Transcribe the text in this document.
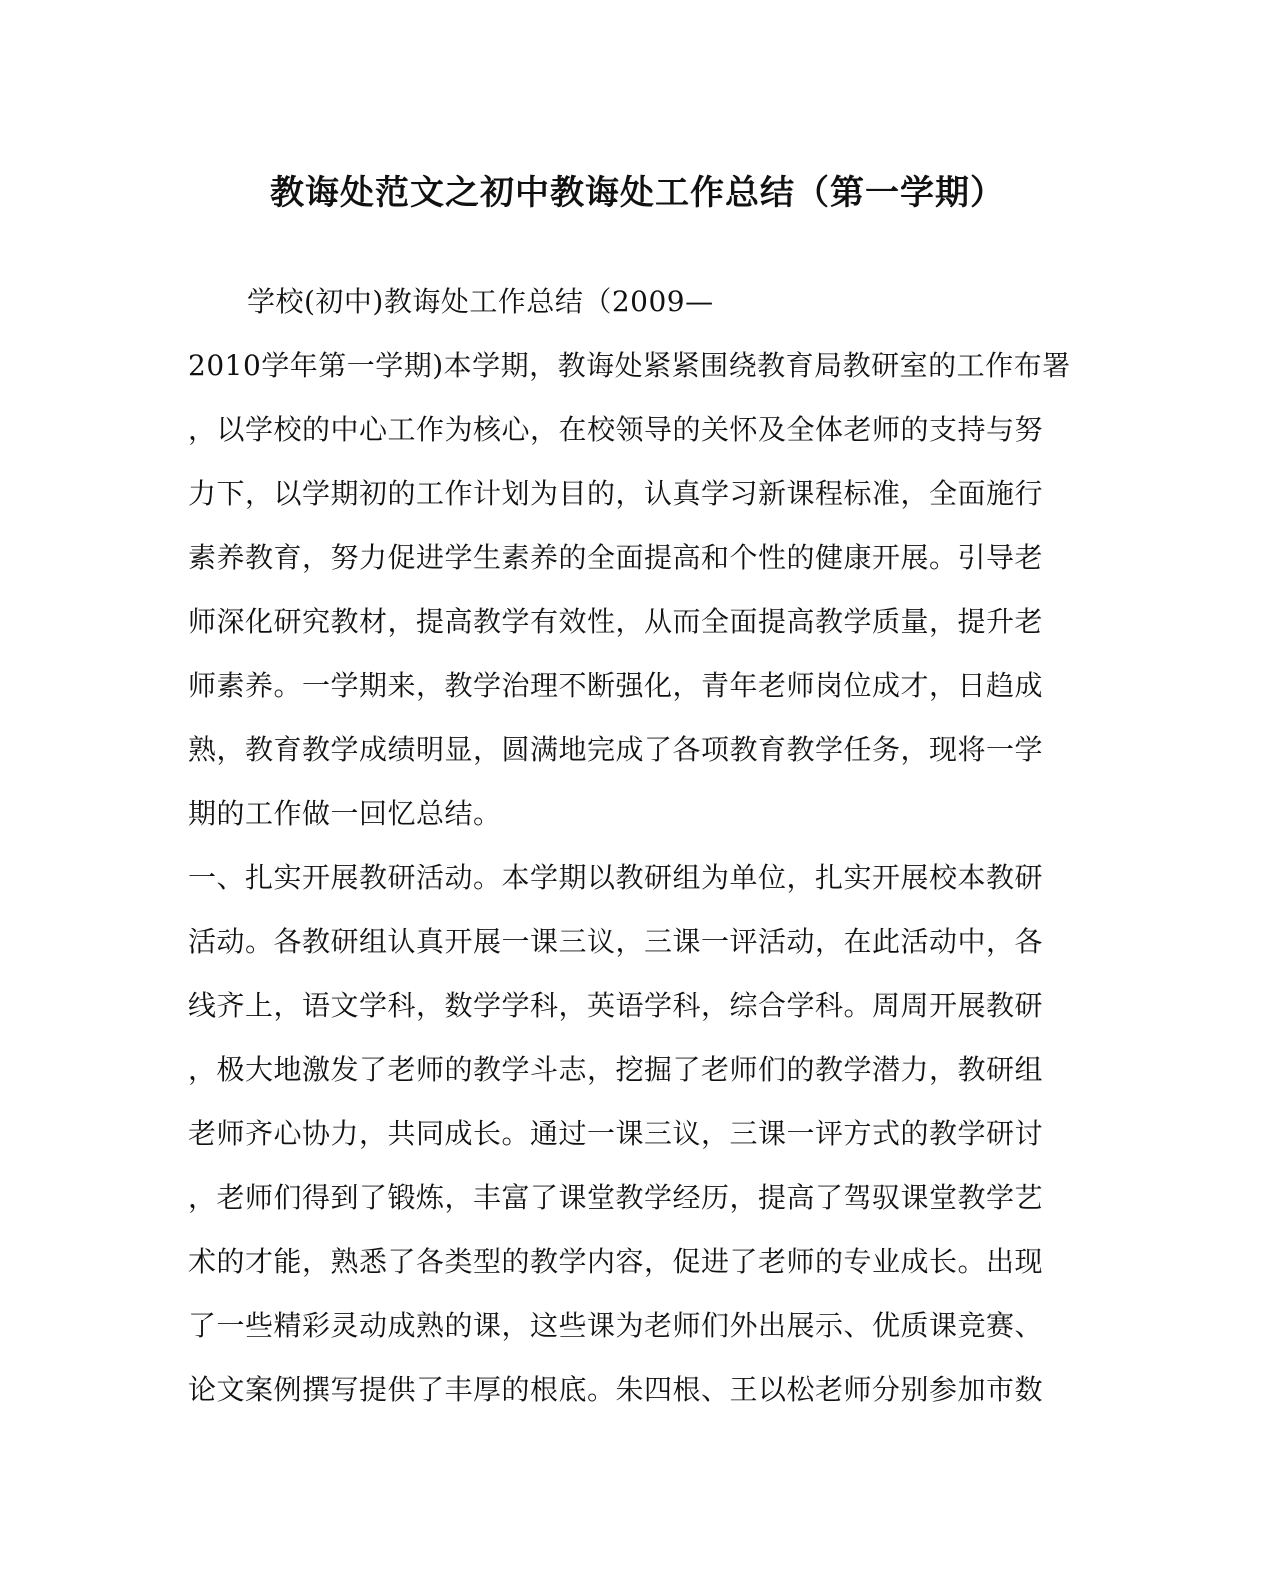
教诲处范文之初中教诲处工作总结（第一学期）
学校(初中)教诲处工作总结（2009—
2010学年第一学期)本学期，教诲处紧紧围绕教育局教研室的工作布署
，以学校的中心工作为核心，在校领导的关怀及全体老师的支持与努
力下，以学期初的工作计划为目的，认真学习新课程标准，全面施行
素养教育，努力促进学生素养的全面提高和个性的健康开展。引导老
师深化研究教材，提高教学有效性，从而全面提高教学质量，提升老
师素养。一学期来，教学治理不断强化，青年老师岗位成才，日趋成
熟，教育教学成绩明显，圆满地完成了各项教育教学任务，现将一学
期的工作做一回忆总结。
一、扎实开展教研活动。本学期以教研组为单位，扎实开展校本教研
活动。各教研组认真开展一课三议，三课一评活动，在此活动中，各
线齐上，语文学科，数学学科，英语学科，综合学科。周周开展教研
，极大地激发了老师的教学斗志，挖掘了老师们的教学潜力，教研组
老师齐心协力，共同成长。通过一课三议，三课一评方式的教学研讨
，老师们得到了锻炼，丰富了课堂教学经历，提高了驾驭课堂教学艺
术的才能，熟悉了各类型的教学内容，促进了老师的专业成长。出现
了一些精彩灵动成熟的课，这些课为老师们外出展示、优质课竞赛、
论文案例撰写提供了丰厚的根底。朱四根、王以松老师分别参加市数
